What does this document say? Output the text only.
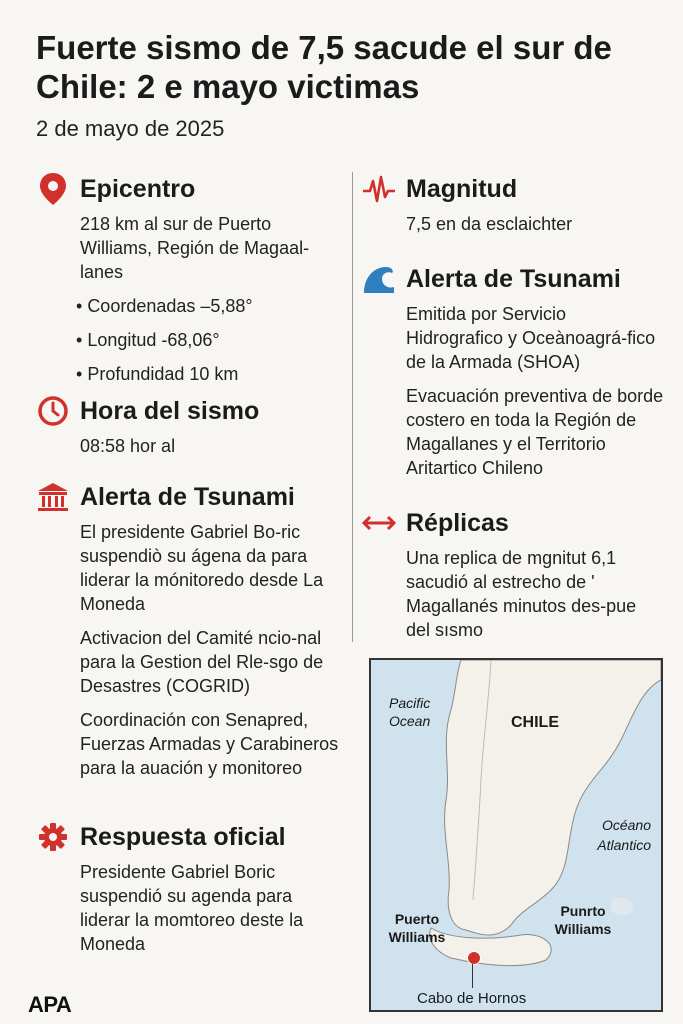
Fuerte sismo de 7,5 sacude el sur de Chile: 2 e mayo victimas
2 de mayo de 2025
Epicentro

218 km al sur de Puerto Williams, Región de Magaal-lanes

• Coordenadas –5,88°
• Longitud -68,06°
• Profundidad 10 km
Hora del sismo

08:58 hor al

Alerta de Tsunami

El presidente Gabriel Bo-ric suspendiò su ágena da para liderar la mónitoredo desde La Moneda

Activacion del Camité ncio-nal para la Gestion del Rle-sgo de Desastres (COGRID)

Coordinación con Senapred, Fuerzas Armadas y Carabineros para la auación y monitoreo

Respuesta oficial

Presidente Gabriel Boric suspendió su agenda para liderar la momtoreo deste la Moneda

Magnitud

7,5 en da esclaichter

Alerta de Tsunami

Emitida por Servicio Hidrografico y Oceànoagrá-fico de la Armada (SHOA)

Evacuación preventiva de borde costero en toda la Región de Magallanes y el Territorio Aritartico Chileno

Réplicas

Una replica de mgnitut 6,1 sacudió al estrecho de ' Magallanés minutos des-pue del sısmo

Pacific Ocean	CHILE
Océano Atlantico
Puerto Williams
Punrto Williams
Cabo de Hornos
APA
